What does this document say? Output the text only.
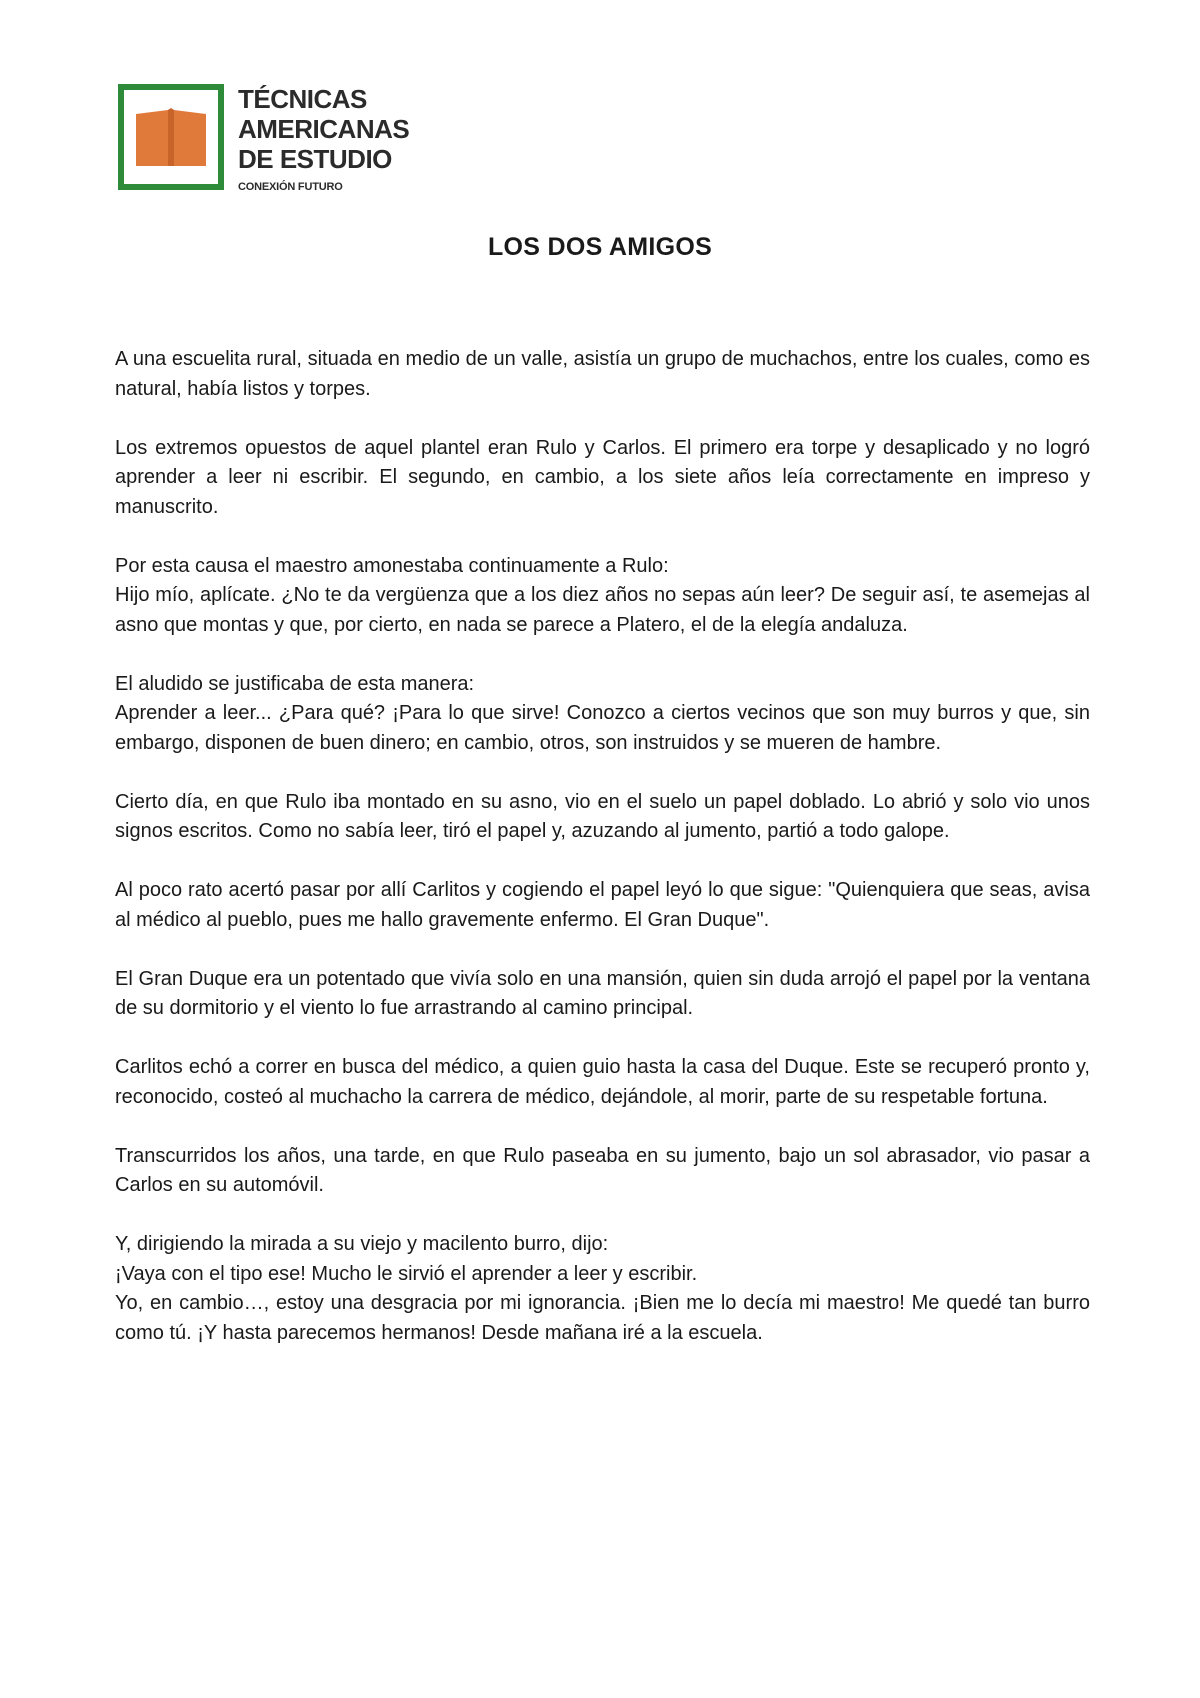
TÉCNICAS
AMERICANAS
DE ESTUDIO
CONEXIÓN FUTURO
LOS DOS AMIGOS

A una escuelita rural, situada en medio de un valle, asistía un grupo de muchachos, entre los cuales, como es natural, había listos y torpes.

Los extremos opuestos de aquel plantel eran Rulo y Carlos. El primero era torpe y desaplicado y no logró aprender a leer ni escribir. El segundo, en cambio, a los siete años leía correctamente en impreso y manuscrito.

Por esta causa el maestro amonestaba continuamente a Rulo:
Hijo mío, aplícate. ¿No te da vergüenza que a los diez años no sepas aún leer? De seguir así, te asemejas al asno que montas y que, por cierto, en nada se parece a Platero, el de la elegía andaluza.

El aludido se justificaba de esta manera:
Aprender a leer... ¿Para qué? ¡Para lo que sirve! Conozco a ciertos vecinos que son muy burros y que, sin embargo, disponen de buen dinero; en cambio, otros, son instruidos y se mueren de hambre.

Cierto día, en que Rulo iba montado en su asno, vio en el suelo un papel doblado. Lo abrió y solo vio unos signos escritos. Como no sabía leer, tiró el papel y, azuzando al jumento, partió a todo galope.

Al poco rato acertó pasar por allí Carlitos y cogiendo el papel leyó lo que sigue: "Quienquiera que seas, avisa al médico al pueblo, pues me hallo gravemente enfermo. El Gran Duque".

El Gran Duque era un potentado que vivía solo en una mansión, quien sin duda arrojó el papel por la ventana de su dormitorio y el viento lo fue arrastrando al camino principal.

Carlitos echó a correr en busca del médico, a quien guio hasta la casa del Duque. Este se recuperó pronto y, reconocido, costeó al muchacho la carrera de médico, dejándole, al morir, parte de su respetable fortuna.

Transcurridos los años, una tarde, en que Rulo paseaba en su jumento, bajo un sol abrasador, vio pasar a Carlos en su automóvil.

Y, dirigiendo la mirada a su viejo y macilento burro, dijo:
¡Vaya con el tipo ese! Mucho le sirvió el aprender a leer y escribir.
Yo, en cambio…, estoy una desgracia por mi ignorancia. ¡Bien me lo decía mi maestro! Me quedé tan burro como tú. ¡Y hasta parecemos hermanos! Desde mañana iré a la escuela.
